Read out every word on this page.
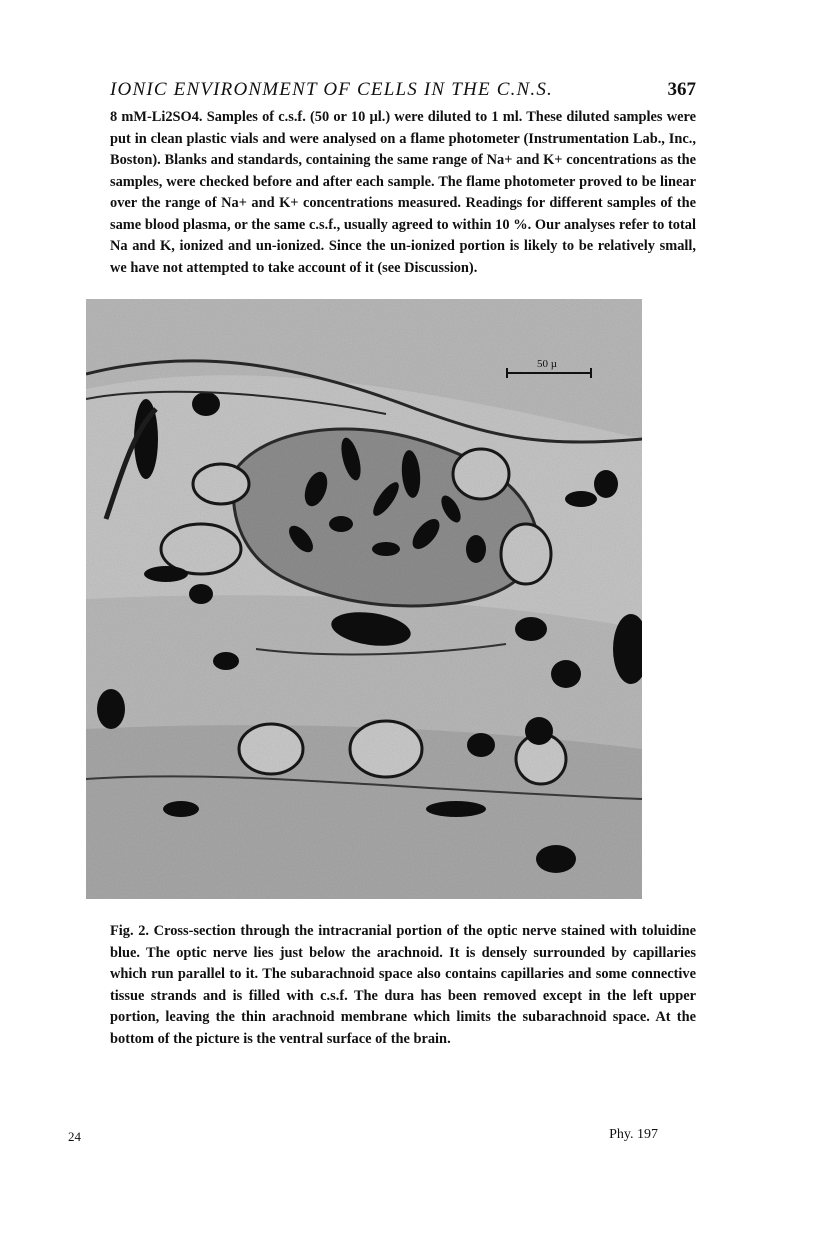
IONIC ENVIRONMENT OF CELLS IN THE C.N.S.	367
8 mM-Li2SO4. Samples of c.s.f. (50 or 10 µl.) were diluted to 1 ml. These diluted samples were put in clean plastic vials and were analysed on a flame photometer (Instrumentation Lab., Inc., Boston). Blanks and standards, containing the same range of Na+ and K+ concentrations as the samples, were checked before and after each sample. The flame photometer proved to be linear over the range of Na+ and K+ concentrations measured. Readings for different samples of the same blood plasma, or the same c.s.f., usually agreed to within 10 %. Our analyses refer to total Na and K, ionized and un-ionized. Since the un-ionized portion is likely to be relatively small, we have not attempted to take account of it (see Discussion).
50 µ
Fig. 2. Cross-section through the intracranial portion of the optic nerve stained with toluidine blue. The optic nerve lies just below the arachnoid. It is densely surrounded by capillaries which run parallel to it. The subarachnoid space also contains capillaries and some connective tissue strands and is filled with c.s.f. The dura has been removed except in the left upper portion, leaving the thin arachnoid membrane which limits the subarachnoid space. At the bottom of the picture is the ventral surface of the brain.
24	Phy. 197
